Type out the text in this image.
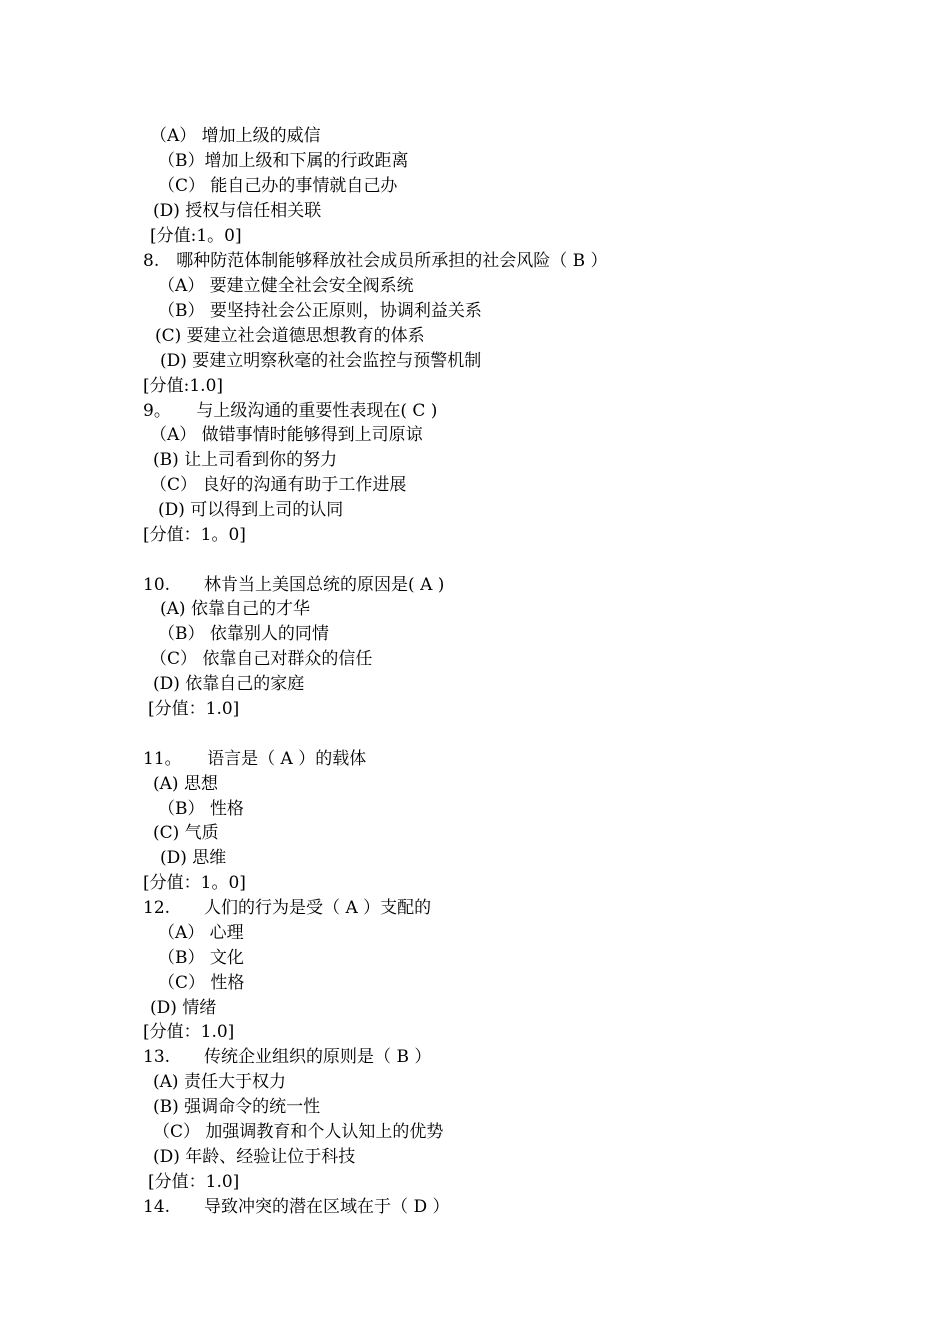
（A） 增加上级的威信
（B）增加上级和下属的行政距离
（C） 能自己办的事情就自己办
(D) 授权与信任相关联
[分值:1。0]
8.　哪种防范体制能够释放社会成员所承担的社会风险（ B ）
（A） 要建立健全社会安全阀系统
（B） 要坚持社会公正原则，协调利益关系
(C) 要建立社会道德思想教育的体系
(D) 要建立明察秋毫的社会监控与预警机制
[分值:1.0]
9。　　与上级沟通的重要性表现在( C )
（A） 做错事情时能够得到上司原谅
(B) 让上司看到你的努力
（C） 良好的沟通有助于工作进展
(D) 可以得到上司的认同
[分值：1。0]
10.　　林肯当上美国总统的原因是( A )
(A) 依靠自己的才华
（B） 依靠别人的同情
（C） 依靠自己对群众的信任
(D) 依靠自己的家庭
[分值：1.0]
11。　　语言是（ A ）的载体
(A) 思想
（B） 性格
(C) 气质
(D) 思维
[分值：1。0]
12.　　人们的行为是受（ A ）支配的
（A） 心理
（B） 文化
（C） 性格
(D) 情绪
[分值：1.0]
13.　　传统企业组织的原则是（ B ）
(A) 责任大于权力
(B) 强调命令的统一性
（C） 加强调教育和个人认知上的优势
(D) 年龄、经验让位于科技
[分值：1.0]
14.　　导致冲突的潜在区域在于（ D ）
